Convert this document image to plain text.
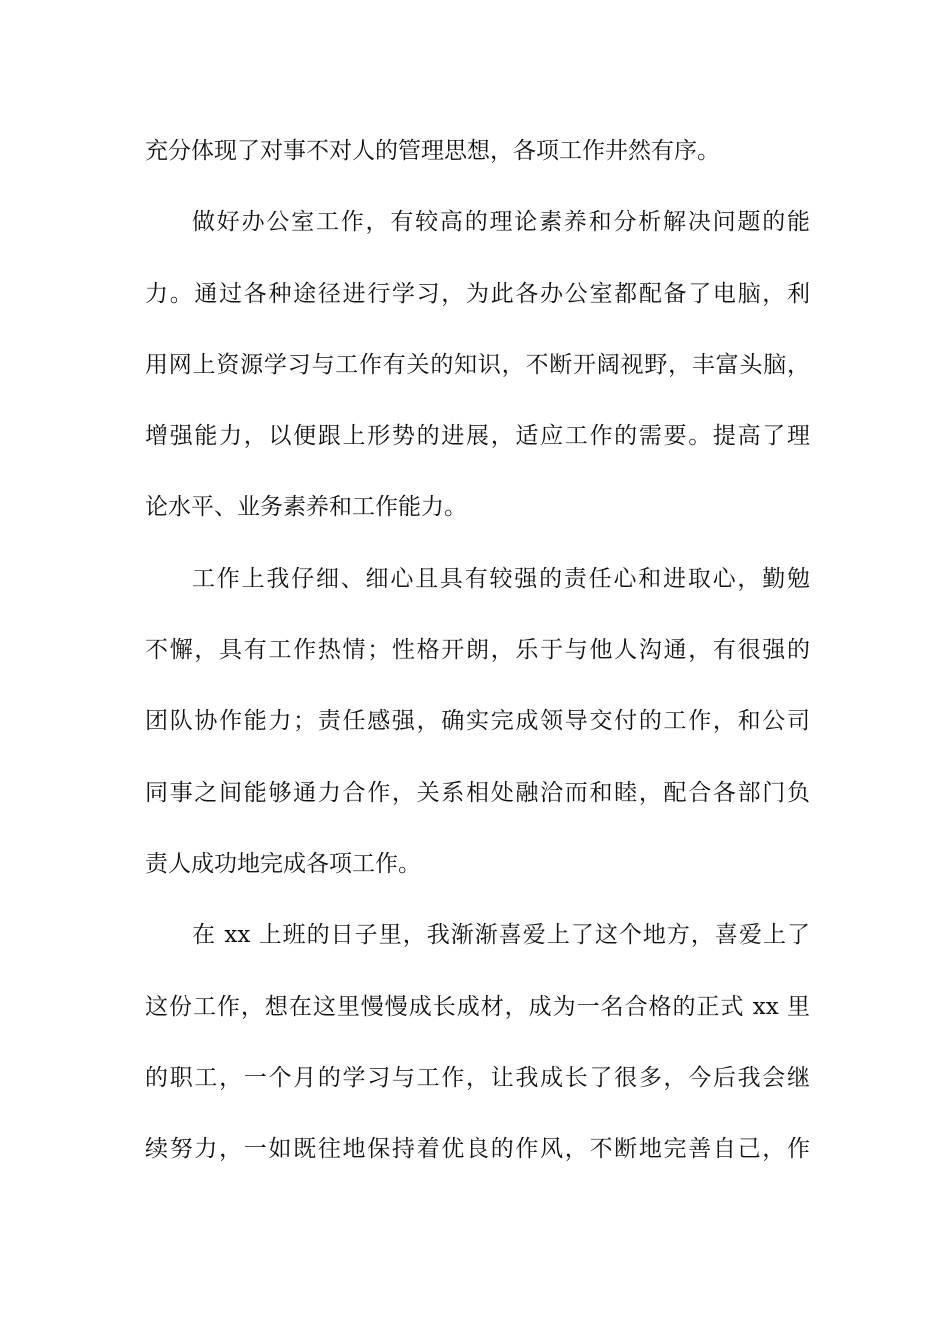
充分体现了对事不对人的管理思想，各项工作井然有序。
做好办公室工作，有较高的理论素养和分析解决问题的能
力。通过各种途径进行学习，为此各办公室都配备了电脑，利
用网上资源学习与工作有关的知识，不断开阔视野，丰富头脑，
增强能力，以便跟上形势的进展，适应工作的需要。提高了理
论水平、业务素养和工作能力。
工作上我仔细、细心且具有较强的责任心和进取心，勤勉
不懈，具有工作热情；性格开朗，乐于与他人沟通，有很强的
团队协作能力；责任感强，确实完成领导交付的工作，和公司
同事之间能够通力合作，关系相处融洽而和睦，配合各部门负
责人成功地完成各项工作。
在 xx 上班的日子里，我渐渐喜爱上了这个地方，喜爱上了
这份工作，想在这里慢慢成长成材，成为一名合格的正式 xx 里
的职工，一个月的学习与工作，让我成长了很多，今后我会继
续努力，一如既往地保持着优良的作风，不断地完善自己，作
